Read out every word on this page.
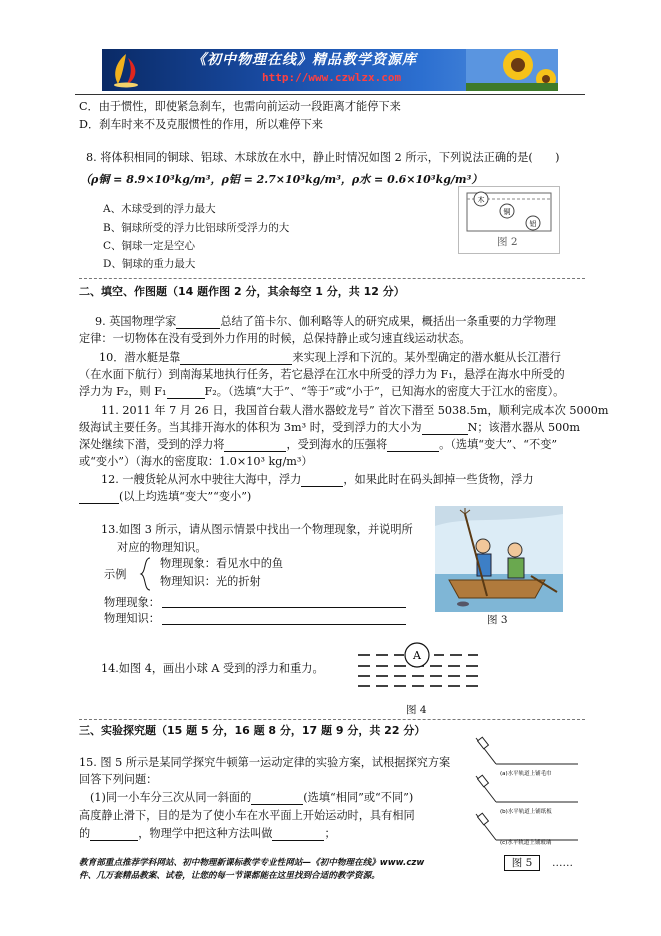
《初中物理在线》精品教学资源库
http://www.czwlzx.com
C．由于惯性，即使紧急刹车，也需向前运动一段距离才能停下来
D．刹车时来不及克服惯性的作用，所以难停下来
8. 将体积相同的铜球、铝球、木球放在水中，静止时情况如图 2 所示，下列说法正确的是(　　)
（ρ铜 = 8.9×10³kg/m³，ρ铝 = 2.7×10³kg/m³，ρ水 = 0.6×10³kg/m³）
A、木球受到的浮力最大
B、铜球所受的浮力比铝球所受浮力的大
C、铜球一定是空心
D、铜球的重力最大
木
铜
铝
图 2
二、填空、作图题（14 题作图 2 分，其余每空 1 分，共 12 分）
9. 英国物理学家	总结了笛卡尔、伽利略等人的研究成果，概括出一条重要的力学物理
定律：一切物体在没有受到外力作用的时候，总保持静止或匀速直线运动状态。
10．潜水艇是靠	来实现上浮和下沉的。某外型确定的潜水艇从长江潜行
（在水面下航行）到南海某地执行任务，若它悬浮在江水中所受的浮力为 F₁，悬浮在海水中所受的
浮力为 F₂，则 F₁	F₂。（选填“大于”、“等于”或“小于”，已知海水的密度大于江水的密度）。
11. 2011 年 7 月 26 日，我国首台载人潜水器蛟龙号” 首次下潜至 5038.5m，顺利完成本次 5000m
级海试主要任务。当其排开海水的体积为 3m³ 时，受到浮力的大小为	N；该潜水器从 500m
深处继续下潜，受到的浮力将	，受到海水的压强将	。（选填“变大”、“不变”
或“变小”）（海水的密度取：1.0×10³ kg/m³）
12. 一艘货轮从河水中驶往大海中，浮力	，如果此时在码头卸掉一些货物，浮力
(以上均选填“变大”“变小”)
13.如图 3 所示，请从图示情景中找出一个物理现象，并说明所
对应的物理知识。
示例
物理现象：看见水中的鱼
物理知识：光的折射
物理现象：
物理知识：	图 3
14.如图 4，画出小球 A 受到的浮力和重力。
A
图 4
三、实验探究题（15 题 5 分，16 题 8 分，17 题 9 分，共 22 分）
15. 图 5 所示是某同学探究牛顿第一运动定律的实验方案，试根据探究方案
回答下列问题：
(1)同一小车分三次从同一斜面的	(选填“相同”或“不同”)
高度静止滑下，目的是为了使小车在水平面上开始运动时，具有相同
的	，物理学中把这种方法叫做	；
(a)水平轨道上铺毛巾
(b)水平轨道上铺纸板
(c)水平轨道上铺玻璃
教育部重点推荐学科网站、初中物理新课标教学专业性网站—《初中物理在线》www.czw
件、几万套精品教案、试卷，让您的每一节课都能在这里找到合适的教学资源。
图 5	……
